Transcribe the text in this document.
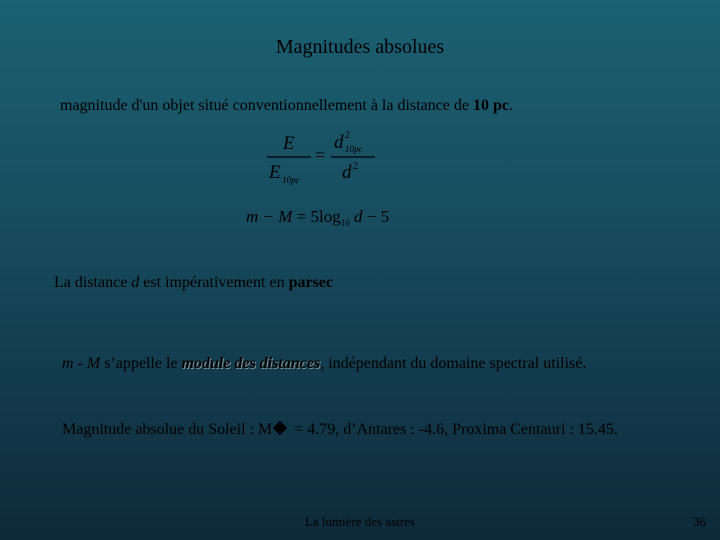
Magnitudes absolues
magnitude d'un objet situé conventionnellement à la distance de 10 pc.
E
E 10pc
=
d 2
10pc
d 2
$m - M = 5\log_{10}$ d − 5
La distance d est impérativement en parsec
m - M s’appelle le module des distances, indépendant du domaine spectral utilisé.
Magnitude absolue du Soleil : M = 4.79, d’Antares : -4.6, Proxima Centauri : 15.45.
La lumière des astres	36
